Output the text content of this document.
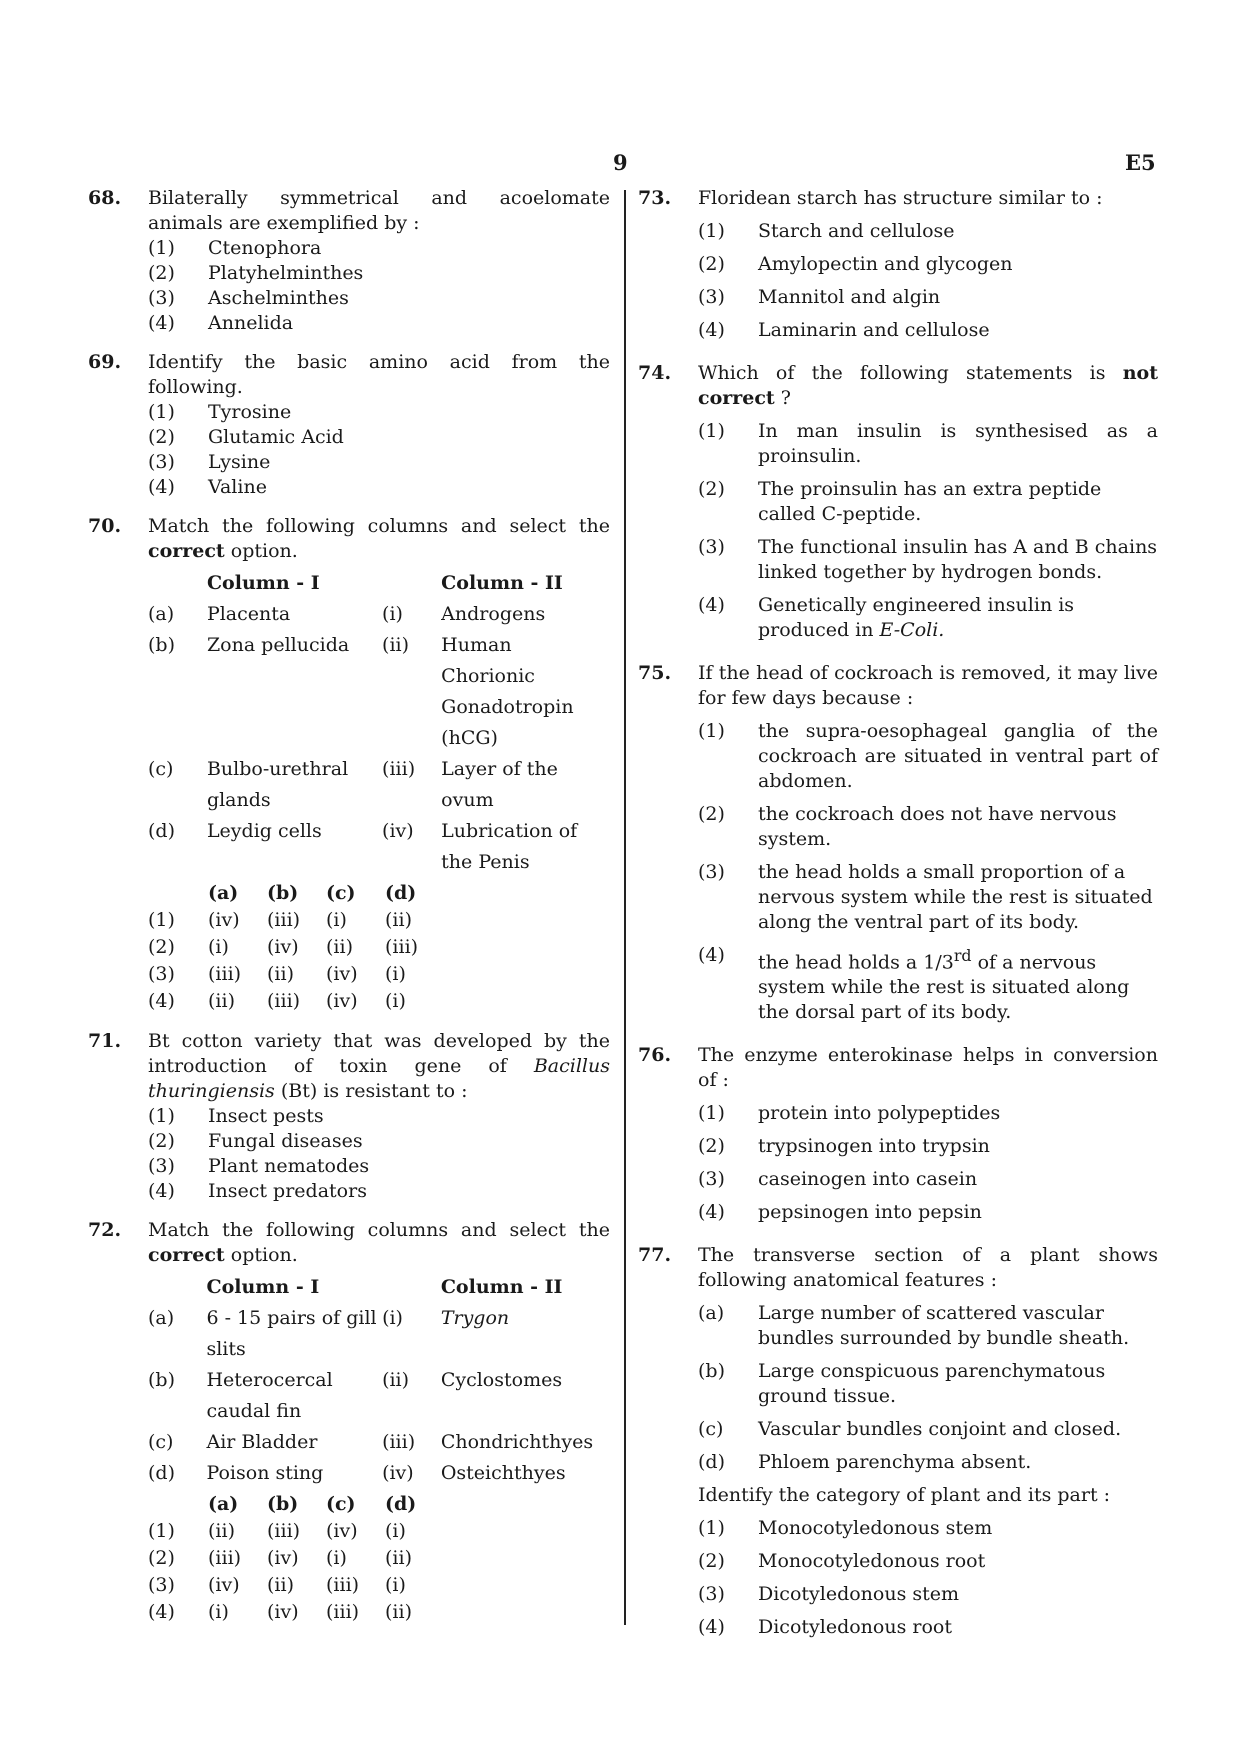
9	E5
68. Bilaterally symmetrical and acoelomate animals are exemplified by :

(1)	Ctenophora
(2)	Platyhelminthes
(3)	Aschelminthes
(4)	Annelida
69. Identify the basic amino acid from the following.

(1)	Tyrosine
(2)	Glutamic Acid
(3)	Lysine
(4)	Valine
70. Match the following columns and select the correct option.

	Column - I		Column - II
(a)	Placenta	(i)	Androgens
(b)	Zona pellucida	(ii)	Human Chorionic Gonadotropin (hCG)
(c)	Bulbo-urethral glands	(iii)	Layer of the ovum
(d)	Leydig cells	(iv)	Lubrication of the Penis
	(a)	(b)	(c)	(d)
(1)	(iv)	(iii)	(i)	(ii)
(2)	(i)	(iv)	(ii)	(iii)
(3)	(iii)	(ii)	(iv)	(i)
(4)	(ii)	(iii)	(iv)	(i)
71. Bt cotton variety that was developed by the introduction of toxin gene of Bacillus thuringiensis (Bt) is resistant to :

(1)	Insect pests
(2)	Fungal diseases
(3)	Plant nematodes
(4)	Insect predators
72. Match the following columns and select the correct option.

	Column - I		Column - II
(a)	6 - 15 pairs of gill slits	(i)	Trygon
(b)	Heterocercal caudal fin	(ii)	Cyclostomes
(c)	Air Bladder	(iii)	Chondrichthyes
(d)	Poison sting	(iv)	Osteichthyes
	(a)	(b)	(c)	(d)
(1)	(ii)	(iii)	(iv)	(i)
(2)	(iii)	(iv)	(i)	(ii)
(3)	(iv)	(ii)	(iii)	(i)
(4)	(i)	(iv)	(iii)	(ii)
73. Floridean starch has structure similar to :

(1)	Starch and cellulose
(2)	Amylopectin and glycogen
(3)	Mannitol and algin
(4)	Laminarin and cellulose
74. Which of the following statements is not correct ?

(1)	In man insulin is synthesised as a proinsulin.
(2)	The proinsulin has an extra peptide called C-peptide.
(3)	The functional insulin has A and B chains linked together by hydrogen bonds.
(4)	Genetically engineered insulin is produced in E-Coli.
75. If the head of cockroach is removed, it may live for few days because :

(1)	the supra-oesophageal ganglia of the cockroach are situated in ventral part of abdomen.
(2)	the cockroach does not have nervous system.
(3)	the head holds a small proportion of a nervous system while the rest is situated along the ventral part of its body.
(4)	the head holds a 1/3rd of a nervous system while the rest is situated along the dorsal part of its body.
76. The enzyme enterokinase helps in conversion of :

(1)	protein into polypeptides
(2)	trypsinogen into trypsin
(3)	caseinogen into casein
(4)	pepsinogen into pepsin
77. The transverse section of a plant shows following anatomical features :

(a)	Large number of scattered vascular bundles surrounded by bundle sheath.
(b)	Large conspicuous parenchymatous ground tissue.
(c)	Vascular bundles conjoint and closed.
(d)	Phloem parenchyma absent.

Identify the category of plant and its part :

(1)	Monocotyledonous stem
(2)	Monocotyledonous root
(3)	Dicotyledonous stem
(4)	Dicotyledonous root
